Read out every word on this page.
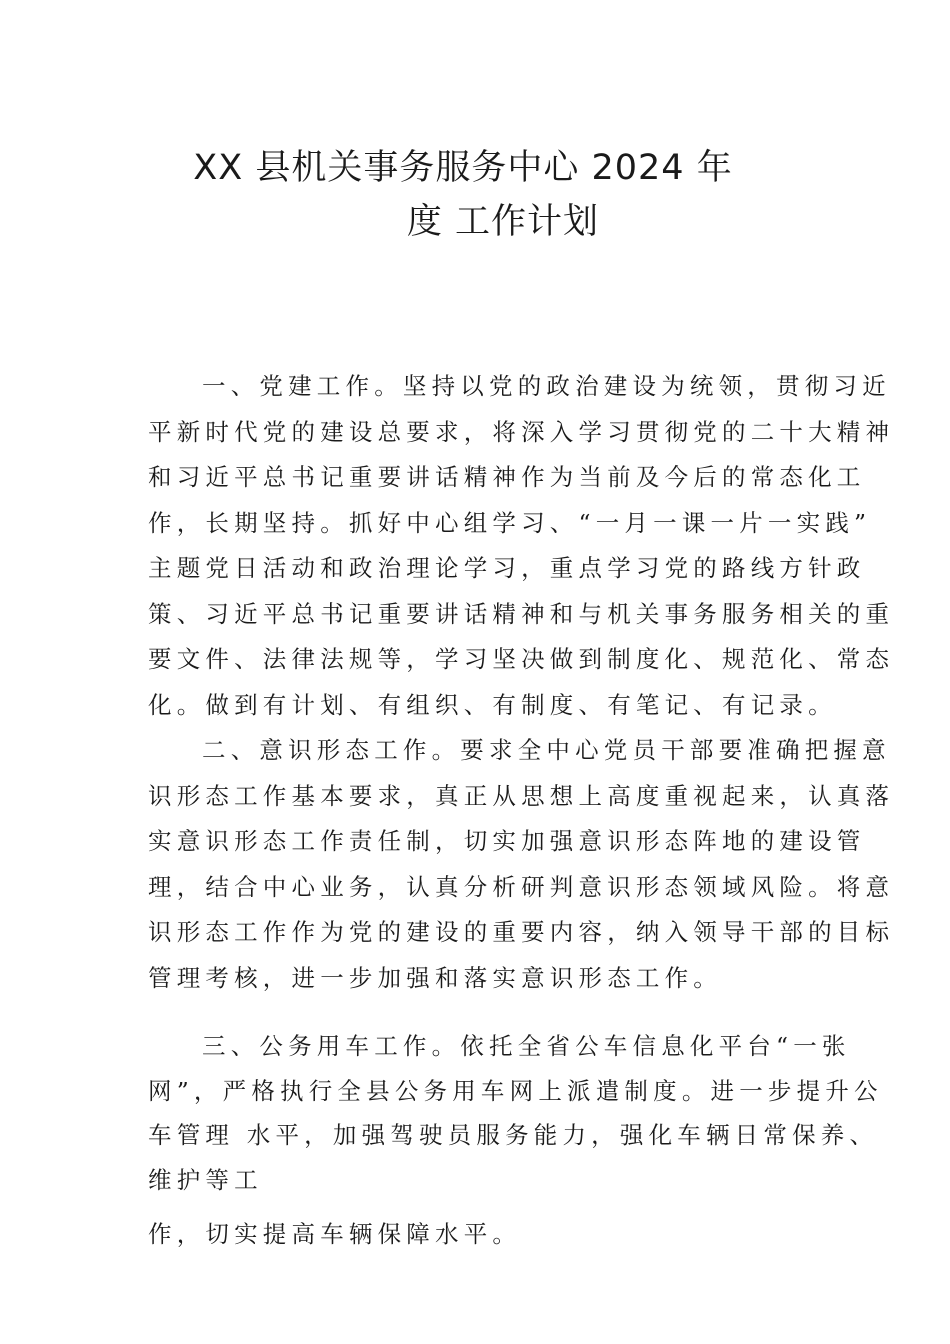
XX 县机关事务服务中心 2024 年
度 工作计划
一、党建工作。坚持以党的政治建设为统领，贯彻习近
平新时代党的建设总要求，将深入学习贯彻党的二十大精神
和习近平总书记重要讲话精神作为当前及今后的常态化工
作，长期坚持。抓好中心组学习、“一月一课一片一实践”
主题党日活动和政治理论学习，重点学习党的路线方针政
策、习近平总书记重要讲话精神和与机关事务服务相关的重
要文件、法律法规等，学习坚决做到制度化、规范化、常态
化。做到有计划、有组织、有制度、有笔记、有记录。
二、意识形态工作。要求全中心党员干部要准确把握意
识形态工作基本要求，真正从思想上高度重视起来，认真落
实意识形态工作责任制，切实加强意识形态阵地的建设管
理，结合中心业务，认真分析研判意识形态领域风险。将意
识形态工作作为党的建设的重要内容，纳入领导干部的目标
管理考核，进一步加强和落实意识形态工作。
三、公务用车工作。依托全省公车信息化平台“一张
网”，严格执行全县公务用车网上派遣制度。进一步提升公
车管理 水平，加强驾驶员服务能力，强化车辆日常保养、
维护等工
作，切实提高车辆保障水平。
